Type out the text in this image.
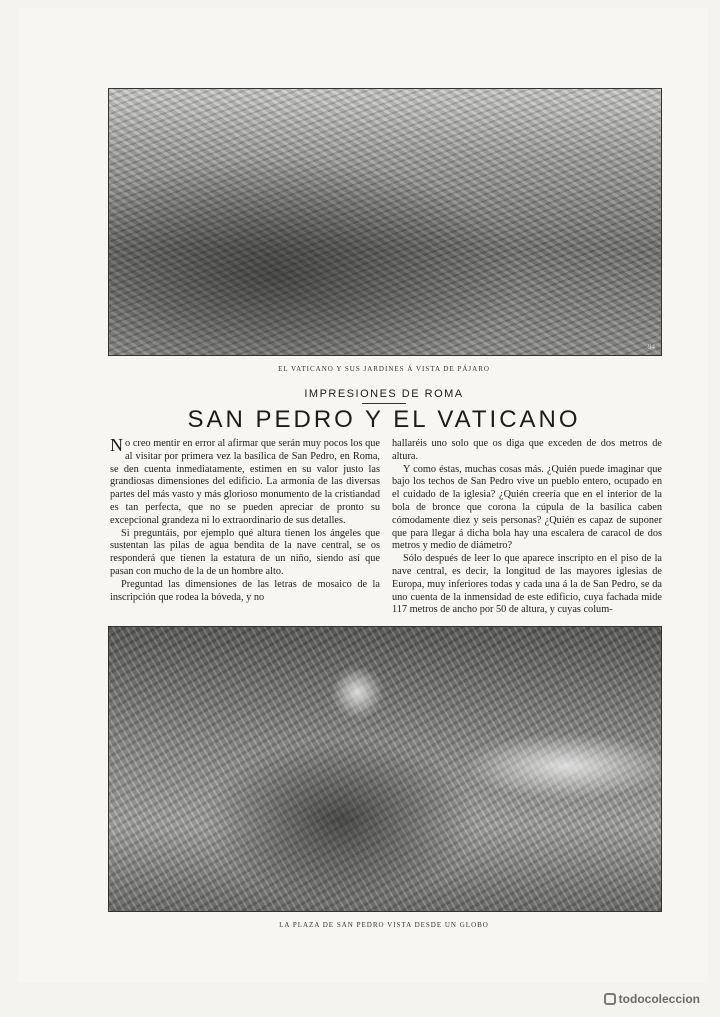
94
EL VATICANO Y SUS JARDINES Á VISTA DE PÁJARO
IMPRESIONES DE ROMA
SAN PEDRO Y EL VATICANO

No creo mentir en error al afirmar que serán muy pocos los que al visitar por primera vez la basílica de San Pedro, en Roma, se den cuenta inmediatamente, estimen en su valor justo las grandiosas dimensiones del edificio. La armonía de las diversas partes del más vasto y más glorioso monumento de la cristiandad es tan perfecta, que no se pueden apreciar de pronto su excepcional grandeza ni lo extraordinario de sus detalles.

Si preguntáis, por ejemplo qué altura tienen los ángeles que sustentan las pilas de agua bendita de la nave central, se os responderá que tienen la estatura de un niño, siendo así que pasan con mucho de la de un hombre alto.

Preguntad las dimensiones de las letras de mosaico de la inscripción que rodea la bóveda, y no

hallaréis uno solo que os diga que exceden de dos metros de altura.

Y como éstas, muchas cosas más. ¿Quién puede imaginar que bajo los techos de San Pedro vive un pueblo entero, ocupado en el cuidado de la iglesia? ¿Quién creería que en el interior de la bola de bronce que corona la cúpula de la basílica caben cómodamente diez y seis personas? ¿Quién es capaz de suponer que para llegar á dicha bola hay una escalera de caracol de dos metros y medio de diámetro?

Sólo después de leer lo que aparece inscripto en el piso de la nave central, es decir, la longitud de las mayores iglesias de Europa, muy inferiores todas y cada una á la de San Pedro, se da uno cuenta de la inmensidad de este edificio, cuya fachada mide 117 metros de ancho por 50 de altura, y cuyas colum-

LA PLAZA DE SAN PEDRO VISTA DESDE UN GLOBO
todocoleccion
